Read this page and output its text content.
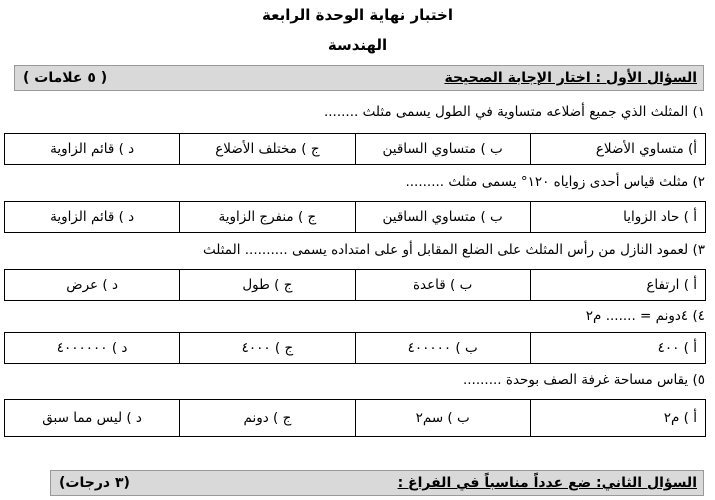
اختبار نهاية الوحدة الرابعة
الهندسة
السؤال الأول : اختار الإجابة الصحيحة
( ٥ علامات )
١) المثلث الذي جميع أضلاعه متساوية في الطول يسمى مثلث ........
أ) متساوي الأضلاع	ب ) متساوي الساقين	ج ) مختلف الأضلاع	د ) قائم الزاوية
٢) مثلث قياس أحدى زواياه ١٢٠° يسمى مثلث .........
أ ) حاد الزوايا	ب ) متساوي الساقين	ج ) منفرج الزاوية	د ) قائم الزاوية
٣) لعمود النازل من رأس المثلث على الضلع المقابل أو على امتداده يسمى .......... المثلث
أ ) ارتفاع	ب ) قاعدة	ج ) طول	د ) عرض
٤) ٤دونم = ....... م٢
أ ) ٤٠٠	ب ) ٤٠٠٠٠٠	ج ) ٤٠٠٠	د ) ٤٠٠٠٠٠٠
٥) يقاس مساحة غرفة الصف بوحدة .........
أ ) م٢	ب ) سم٢	ج ) دونم	د ) ليس مما سبق
السؤال الثاني: ضع عدداً مناسباً في الفراغ :
(٣ درجات)
